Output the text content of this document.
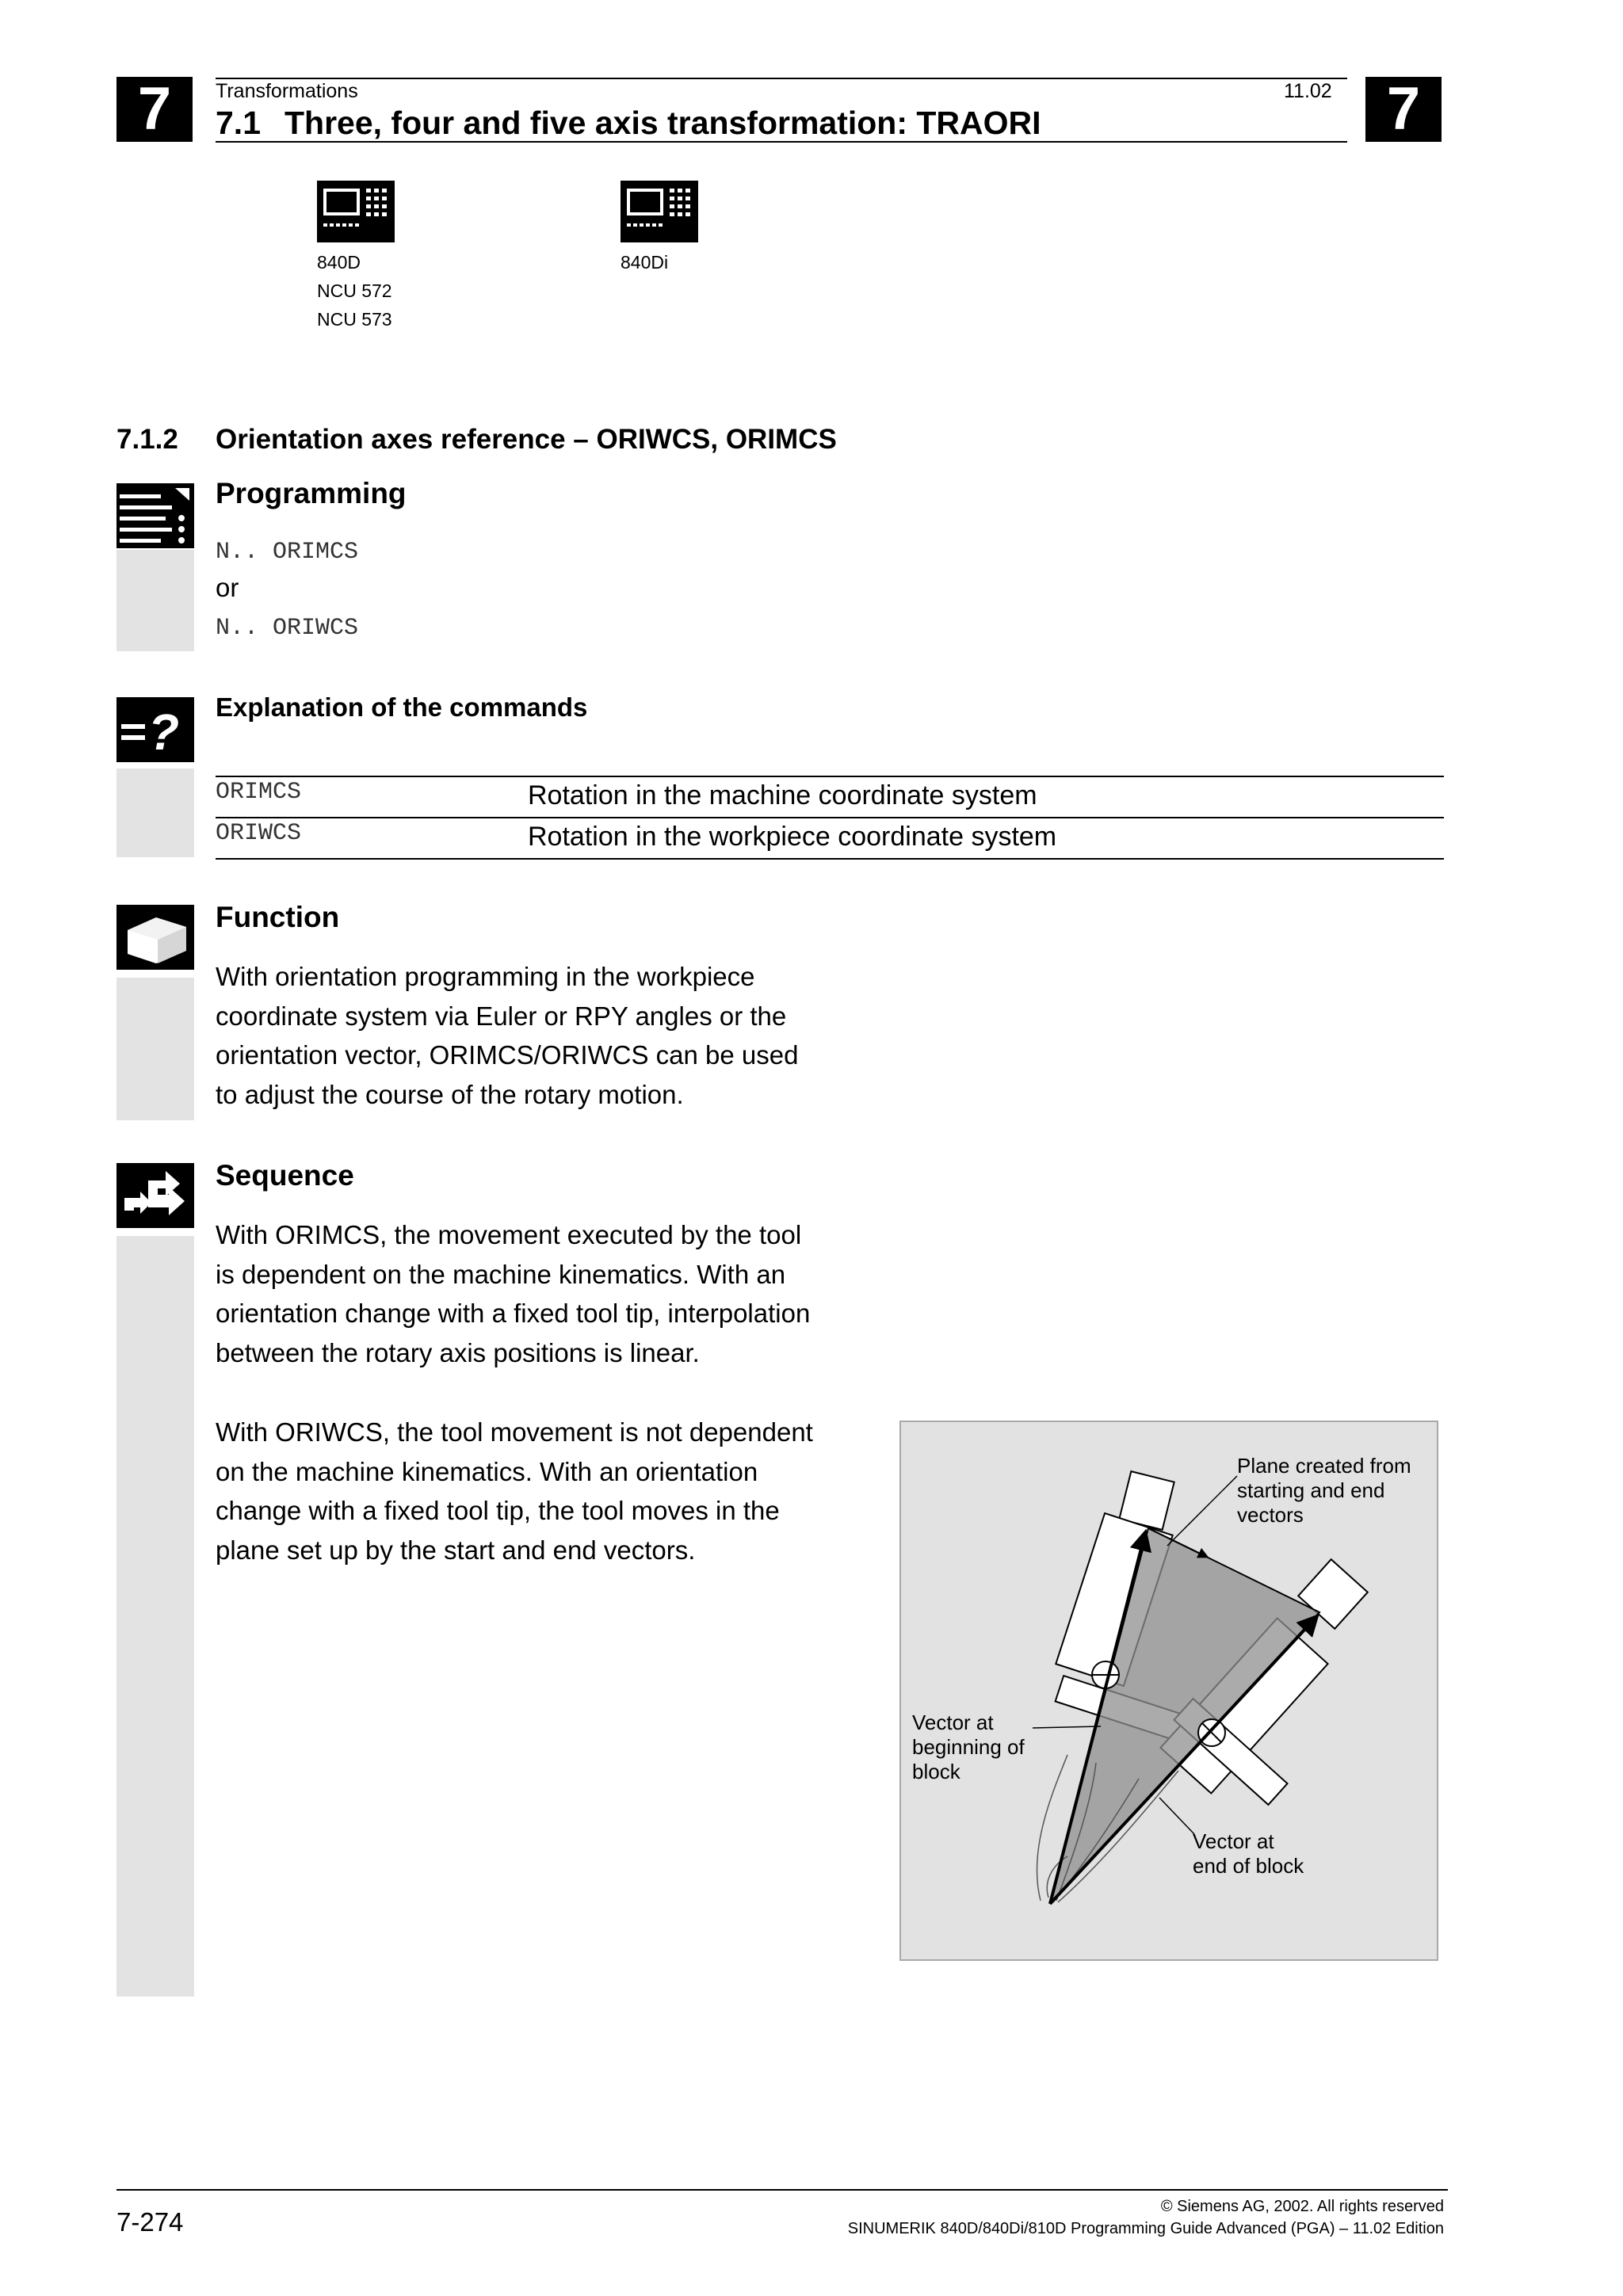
7	7
Transformations	11.02
7.1 Three, four and five axis transformation: TRAORI
840D
NCU 572
NCU 573
840Di
7.1.2 Orientation axes reference – ORIWCS, ORIMCS
Programming
N.. ORIMCS
or
N.. ORIWCS
? Explanation of the commands
ORIMCS	Rotation in the machine coordinate system
ORIWCS	Rotation in the workpiece coordinate system
Function
With orientation programming in the workpiece
coordinate system via Euler or RPY angles or the
orientation vector, ORIMCS/ORIWCS can be used
to adjust the course of the rotary motion.
Sequence
With ORIMCS, the movement executed by the tool
is dependent on the machine kinematics. With an
orientation change with a fixed tool tip, interpolation
between the rotary axis positions is linear.
With ORIWCS, the tool movement is not dependent
on the machine kinematics. With an orientation
change with a fixed tool tip, the tool moves in the
plane set up by the start and end vectors.
Plane created from
starting and end
vectors
Vector at
beginning of
block
Vector at
end of block
7-274
© Siemens AG, 2002. All rights reserved
SINUMERIK 840D/840Di/810D Programming Guide Advanced (PGA) – 11.02 Edition
